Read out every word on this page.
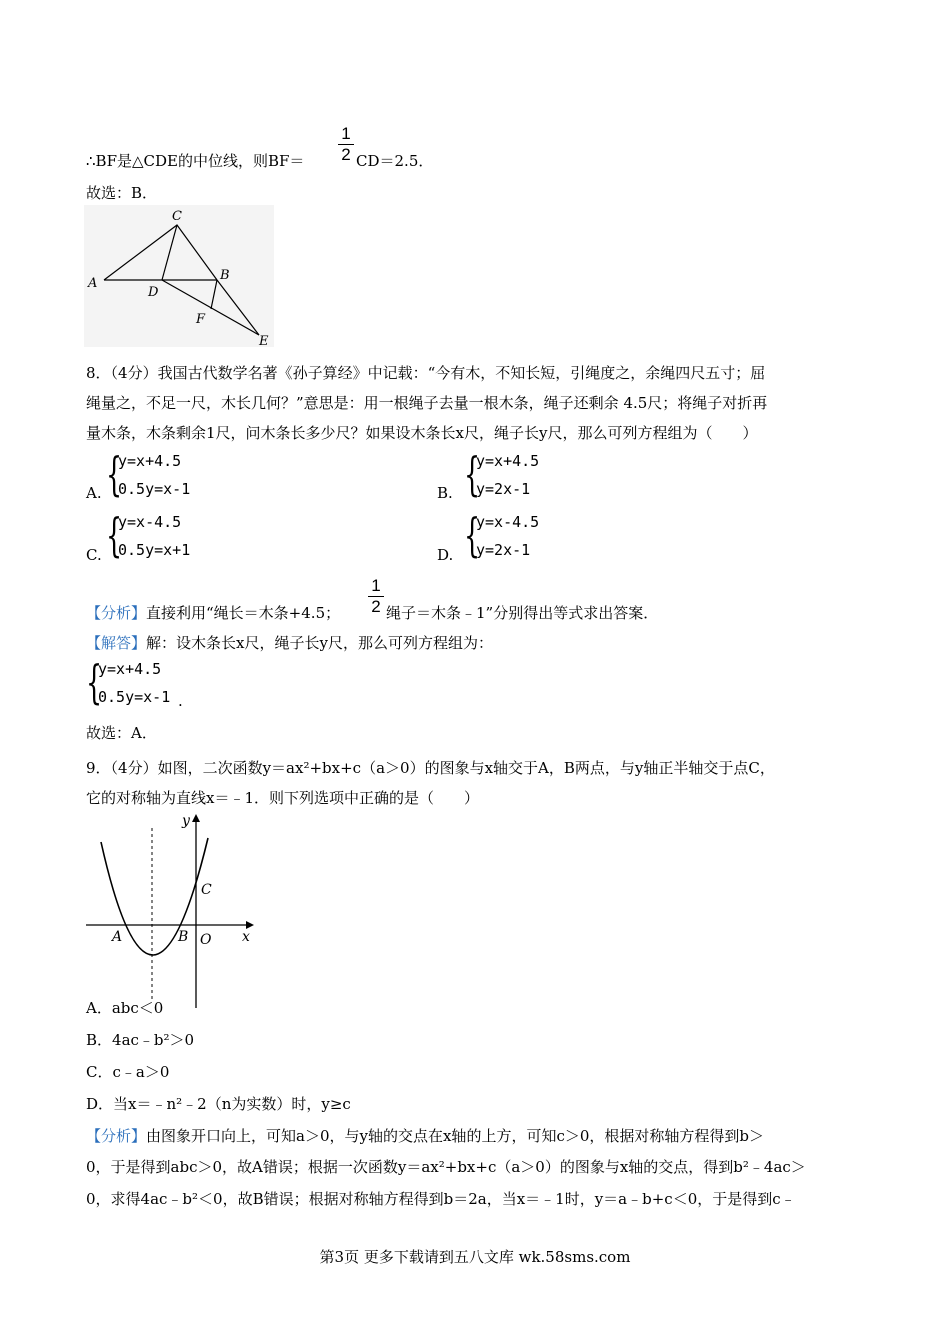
∴BF是△CDE的中位线，则BF＝
1
2 CD＝2.5．
故选：B．
A
C
D
B
F
E
8．（4分）我国古代数学名著《孙子算经》中记载：“今有木，不知长短，引绳度之，余绳四尺五寸；屈
绳量之，不足一尺，木长几何？”意思是：用一根绳子去量一根木条，绳子还剩余 4.5尺；将绳子对折再
量木条，木条剩余1尺，问木条长多少尺？如果设木条长x尺，绳子长y尺，那么可列方程组为（　　）
A. {
y=x+4.5
0.5y=x-1	B. {
y=x+4.5
y=2x-1
C. {
y=x-4.5
0.5y=x+1	D. {
y=x-4.5
y=2x-1
【分析】直接利用“绳长＝木条+4.5；
1
2 绳子＝木条﹣1”分别得出等式求出答案．
【解答】解：设木条长x尺，绳子长y尺，那么可列方程组为：
{
y=x+4.5
0.5y=x-1 .
故选：A．
9．（4分）如图，二次函数y＝ax²+bx+c（a＞0）的图象与x轴交于A，B两点，与y轴正半轴交于点C，
它的对称轴为直线x＝﹣1．则下列选项中正确的是（　　）
y
C
A	B O x
A．abc＜0
B．4ac﹣b²＞0
C．c﹣a＞0
D．当x＝﹣n²﹣2（n为实数）时，y≥c
【分析】由图象开口向上，可知a＞0，与y轴的交点在x轴的上方，可知c＞0，根据对称轴方程得到b＞
0，于是得到abc＞0，故A错误；根据一次函数y＝ax²+bx+c（a＞0）的图象与x轴的交点，得到b²﹣4ac＞
0，求得4ac﹣b²＜0，故B错误；根据对称轴方程得到b＝2a，当x＝﹣1时，y＝a﹣b+c＜0，于是得到c﹣
第3页 更多下载请到五八文库 wk.58sms.com
